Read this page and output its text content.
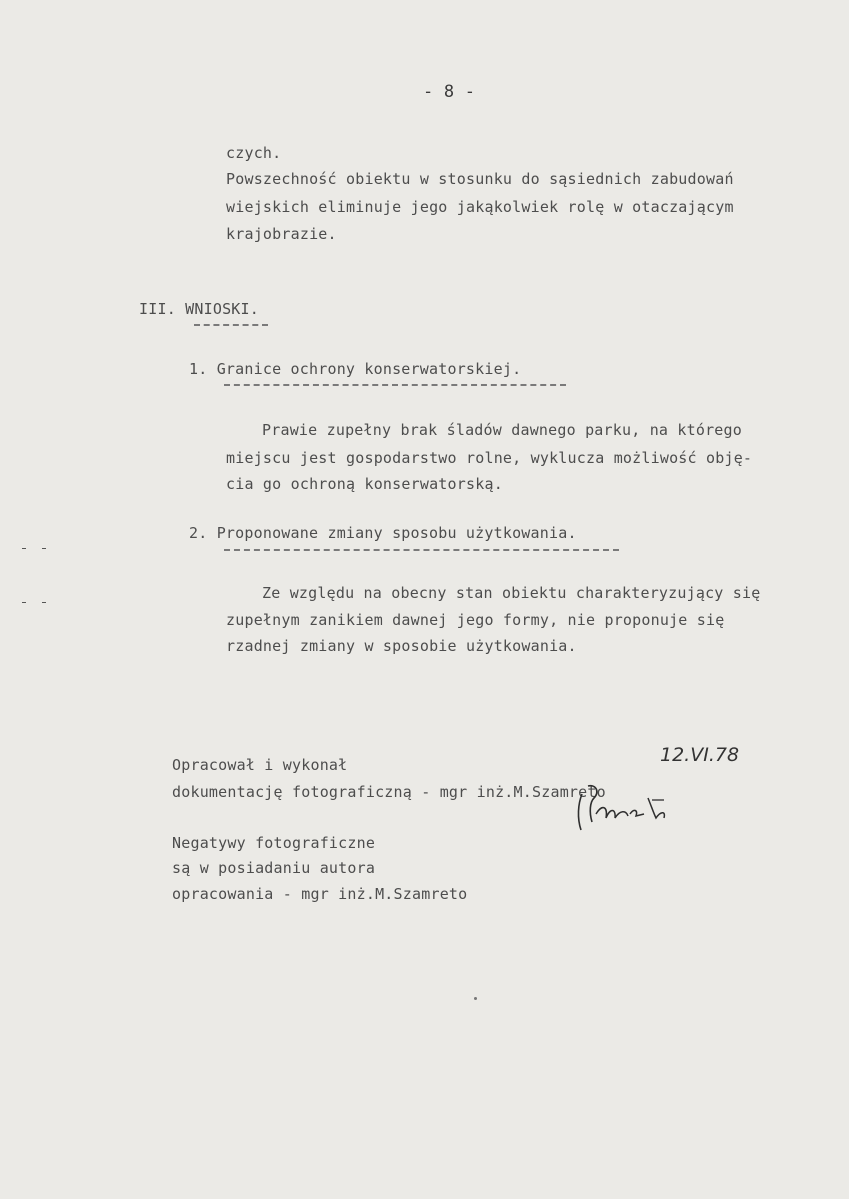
- 8 -
czych.
Powszechność obiektu w stosunku do sąsiednich zabudowań
wiejskich eliminuje jego jakąkolwiek rolę w otaczającym
krajobrazie.
III. WNIOSKI.
1. Granice ochrony konserwatorskiej.
Prawie zupełny brak śladów dawnego parku, na którego
miejscu jest gospodarstwo rolne, wyklucza możliwość obję-
cia go ochroną konserwatorską.
2. Proponowane zmiany sposobu użytkowania.
Ze względu na obecny stan obiektu charakteryzujący się
zupełnym zanikiem dawnej jego formy, nie proponuje się
rzadnej zmiany w sposobie użytkowania.
12.VI.78
Opracował i wykonał
dokumentację fotograficzną - mgr inż.M.Szamreto
Negatywy fotograficzne
są w posiadaniu autora
opracowania - mgr inż.M.Szamreto
